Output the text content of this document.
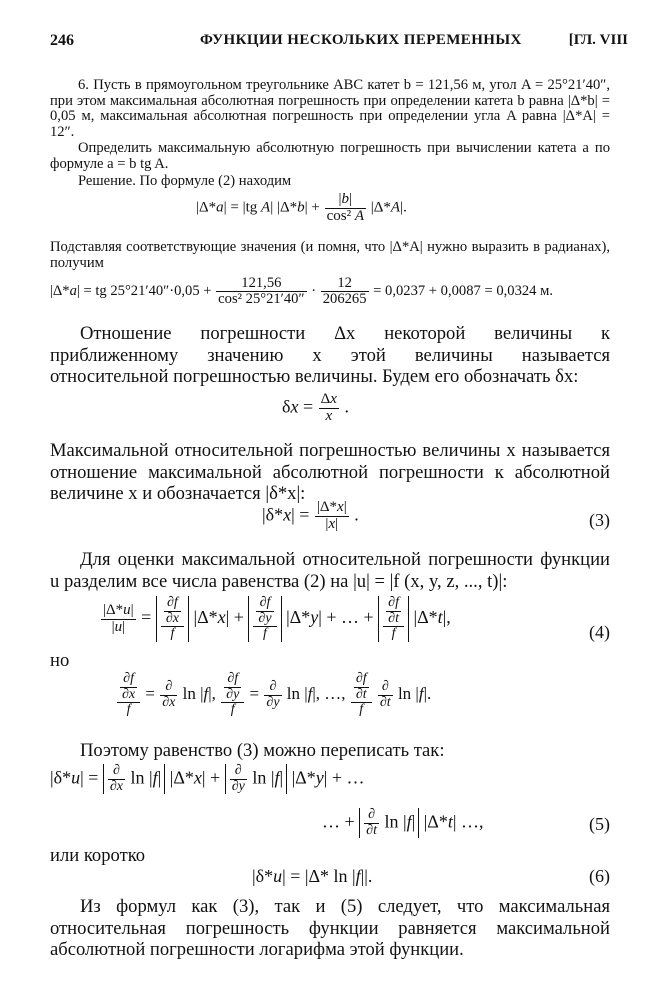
246	ФУНКЦИИ НЕСКОЛЬКИХ ПЕРЕМЕННЫХ	[ГЛ. VIII

6. Пусть в прямоугольном треугольнике ABC катет b = 121,56 м, угол A = 25°21′40″, при этом максимальная абсолютная погрешность при определении катета b равна |Δ*b| = 0,05 м, максимальная абсолютная погрешность при определении угла A равна |Δ*A| = 12″.

Определить максимальную абсолютную погрешность при вычислении катета a по формуле a = b tg A.

Решение. По формуле (2) находим

|Δ*a| = |tg A| $|\Delta*b| + \frac{|b|}{\text{cos² A}} |\Delta*A|$.

Подставляя соответствующие значения (и помня, что |Δ*A| нужно выразить в радианах), получим

|Δ*a| = tg $25^\circ 21'40''\cdot 0,05 + \frac{121,56}{\text{cos² 25°21′40″}} \cdot \frac{12}{206265} = 0,0237 + 0,0087 = 0,0324$ м.

Отношение погрешности Δx некоторой величины к приближенному значению x этой величины называется относительной погрешностью величины. Будем его обозначать δx:

$\delta x = \frac{\Delta x}{x}$ .

Максимальной относительной погрешностью величины x называется отношение максимальной абсолютной погрешности к абсолютной величине x и обозначается |δ*x|:

$|\delta*x| = \frac{|\Delta*x|}{|x|}$ .	(3)

Для оценки максимальной относительной погрешности функции u разделим все числа равенства (2) на |u| = |f (x, y, z, ..., t)|:

$\frac{|\Delta*u|}{|u|} = \frac{\frac{\partial f}{\partial x}}{f} |\Delta*x| + \frac{\frac{\partial f}{\partial y}}{f} |\Delta*y|$ + … + $\frac{\frac{\partial f}{\partial t}}{f} |\Delta*t|$,
(4)

но

$\frac{\frac{\partial f}{\partial x}}{f}$ = ∂
∂x ln |f|, $\frac{\frac{\partial f}{\partial y}}{f}$ = ∂
∂y ln |f|, …, $\frac{\frac{\partial f}{\partial t}}{f}$
∂
∂t ln |f|.

Поэтому равенство (3) можно переписать так:

|δ*u| = ∂
∂x ln |f| |Δ*x| + ∂
∂y ln |f| |Δ*y| + …
… + ∂
∂t ln |f| |Δ*t| …,	(5)

или коротко

|δ*u| = |Δ* ln |f||.	(6)

Из формул как (3), так и (5) следует, что максимальная относительная погрешность функции равняется максимальной абсолютной погрешности логарифма этой функции.
